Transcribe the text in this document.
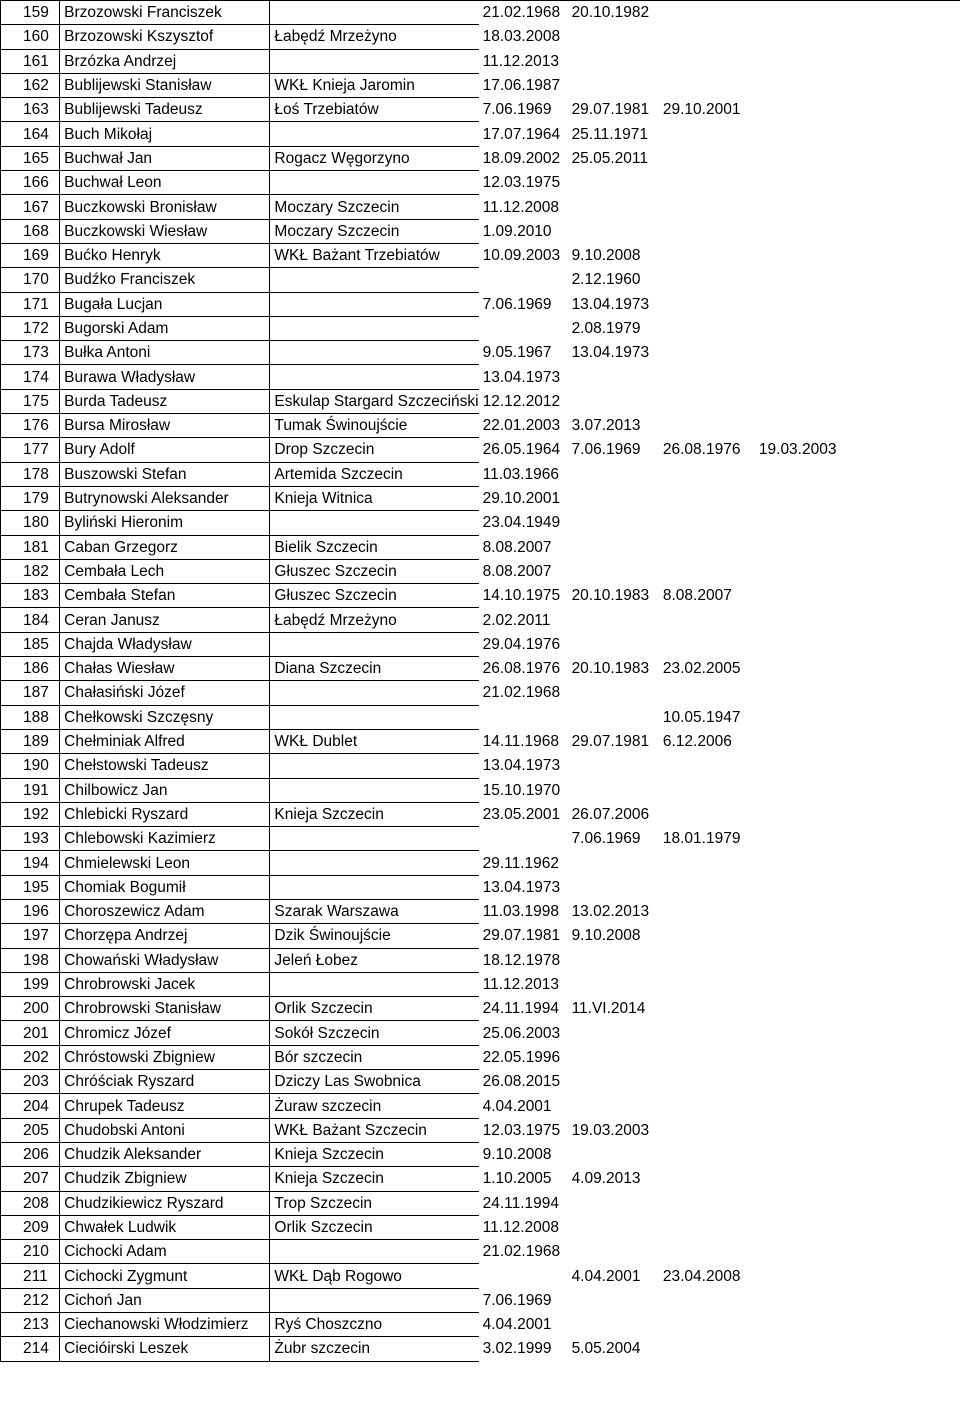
159	Brzozowski Franciszek		21.02.1968	20.10.1982		
160	Brzozowski Kszysztof	Łabędź Mrzeżyno	18.03.2008			
161	Brzózka Andrzej		11.12.2013			
162	Bublijewski Stanisław	WKŁ Knieja Jaromin	17.06.1987			
163	Bublijewski Tadeusz	Łoś Trzebiatów	7.06.1969	29.07.1981	29.10.2001	
164	Buch Mikołaj		17.07.1964	25.11.1971		
165	Buchwał Jan	Rogacz Węgorzyno	18.09.2002	25.05.2011		
166	Buchwał Leon		12.03.1975			
167	Buczkowski Bronisław	Moczary Szczecin	11.12.2008			
168	Buczkowski Wiesław	Moczary Szczecin	1.09.2010			
169	Bućko Henryk	WKŁ Bażant Trzebiatów	10.09.2003	9.10.2008		
170	Budźko Franciszek			2.12.1960		
171	Bugała Lucjan		7.06.1969	13.04.1973		
172	Bugorski Adam			2.08.1979		
173	Bułka Antoni		9.05.1967	13.04.1973		
174	Burawa Władysław		13.04.1973			
175	Burda Tadeusz	Eskulap Stargard Szczeciński	12.12.2012			
176	Bursa Mirosław	Tumak Świnoujście	22.01.2003	3.07.2013		
177	Bury Adolf	Drop Szczecin	26.05.1964	7.06.1969	26.08.1976	19.03.2003
178	Buszowski Stefan	Artemida Szczecin	11.03.1966			
179	Butrynowski Aleksander	Knieja Witnica	29.10.2001			
180	Byliński Hieronim		23.04.1949			
181	Caban Grzegorz	Bielik Szczecin	8.08.2007			
182	Cembała Lech	Głuszec Szczecin	8.08.2007			
183	Cembała Stefan	Głuszec Szczecin	14.10.1975	20.10.1983	8.08.2007	
184	Ceran Janusz	Łabędź Mrzeżyno	2.02.2011			
185	Chajda Władysław		29.04.1976			
186	Chałas Wiesław	Diana Szczecin	26.08.1976	20.10.1983	23.02.2005	
187	Chałasiński Józef		21.02.1968			
188	Chełkowski Szczęsny				10.05.1947	
189	Chełminiak Alfred	WKŁ Dublet	14.11.1968	29.07.1981	6.12.2006	
190	Chełstowski Tadeusz		13.04.1973			
191	Chilbowicz Jan		15.10.1970			
192	Chlebicki Ryszard	Knieja Szczecin	23.05.2001	26.07.2006		
193	Chlebowski Kazimierz			7.06.1969	18.01.1979	
194	Chmielewski Leon		29.11.1962			
195	Chomiak Bogumił		13.04.1973			
196	Choroszewicz Adam	Szarak Warszawa	11.03.1998	13.02.2013		
197	Chorzępa Andrzej	Dzik Świnoujście	29.07.1981	9.10.2008		
198	Chowański Władysław	Jeleń Łobez	18.12.1978			
199	Chrobrowski Jacek		11.12.2013			
200	Chrobrowski Stanisław	Orlik Szczecin	24.11.1994	11.VI.2014		
201	Chromicz Józef	Sokół Szczecin	25.06.2003			
202	Chróstowski Zbigniew	Bór szczecin	22.05.1996			
203	Chróściak Ryszard	Dziczy Las Swobnica	26.08.2015			
204	Chrupek Tadeusz	Żuraw szczecin	4.04.2001			
205	Chudobski Antoni	WKŁ Bażant Szczecin	12.03.1975	19.03.2003		
206	Chudzik Aleksander	Knieja Szczecin	9.10.2008			
207	Chudzik Zbigniew	Knieja Szczecin	1.10.2005	4.09.2013		
208	Chudzikiewicz Ryszard	Trop Szczecin	24.11.1994			
209	Chwałek Ludwik	Orlik Szczecin	11.12.2008			
210	Cichocki Adam		21.02.1968			
211	Cichocki Zygmunt	WKŁ Dąb Rogowo		4.04.2001	23.04.2008	
212	Cichoń Jan		7.06.1969			
213	Ciechanowski Włodzimierz	Ryś Choszczno	4.04.2001			
214	Ciecióirski Leszek	Żubr szczecin	3.02.1999	5.05.2004		
